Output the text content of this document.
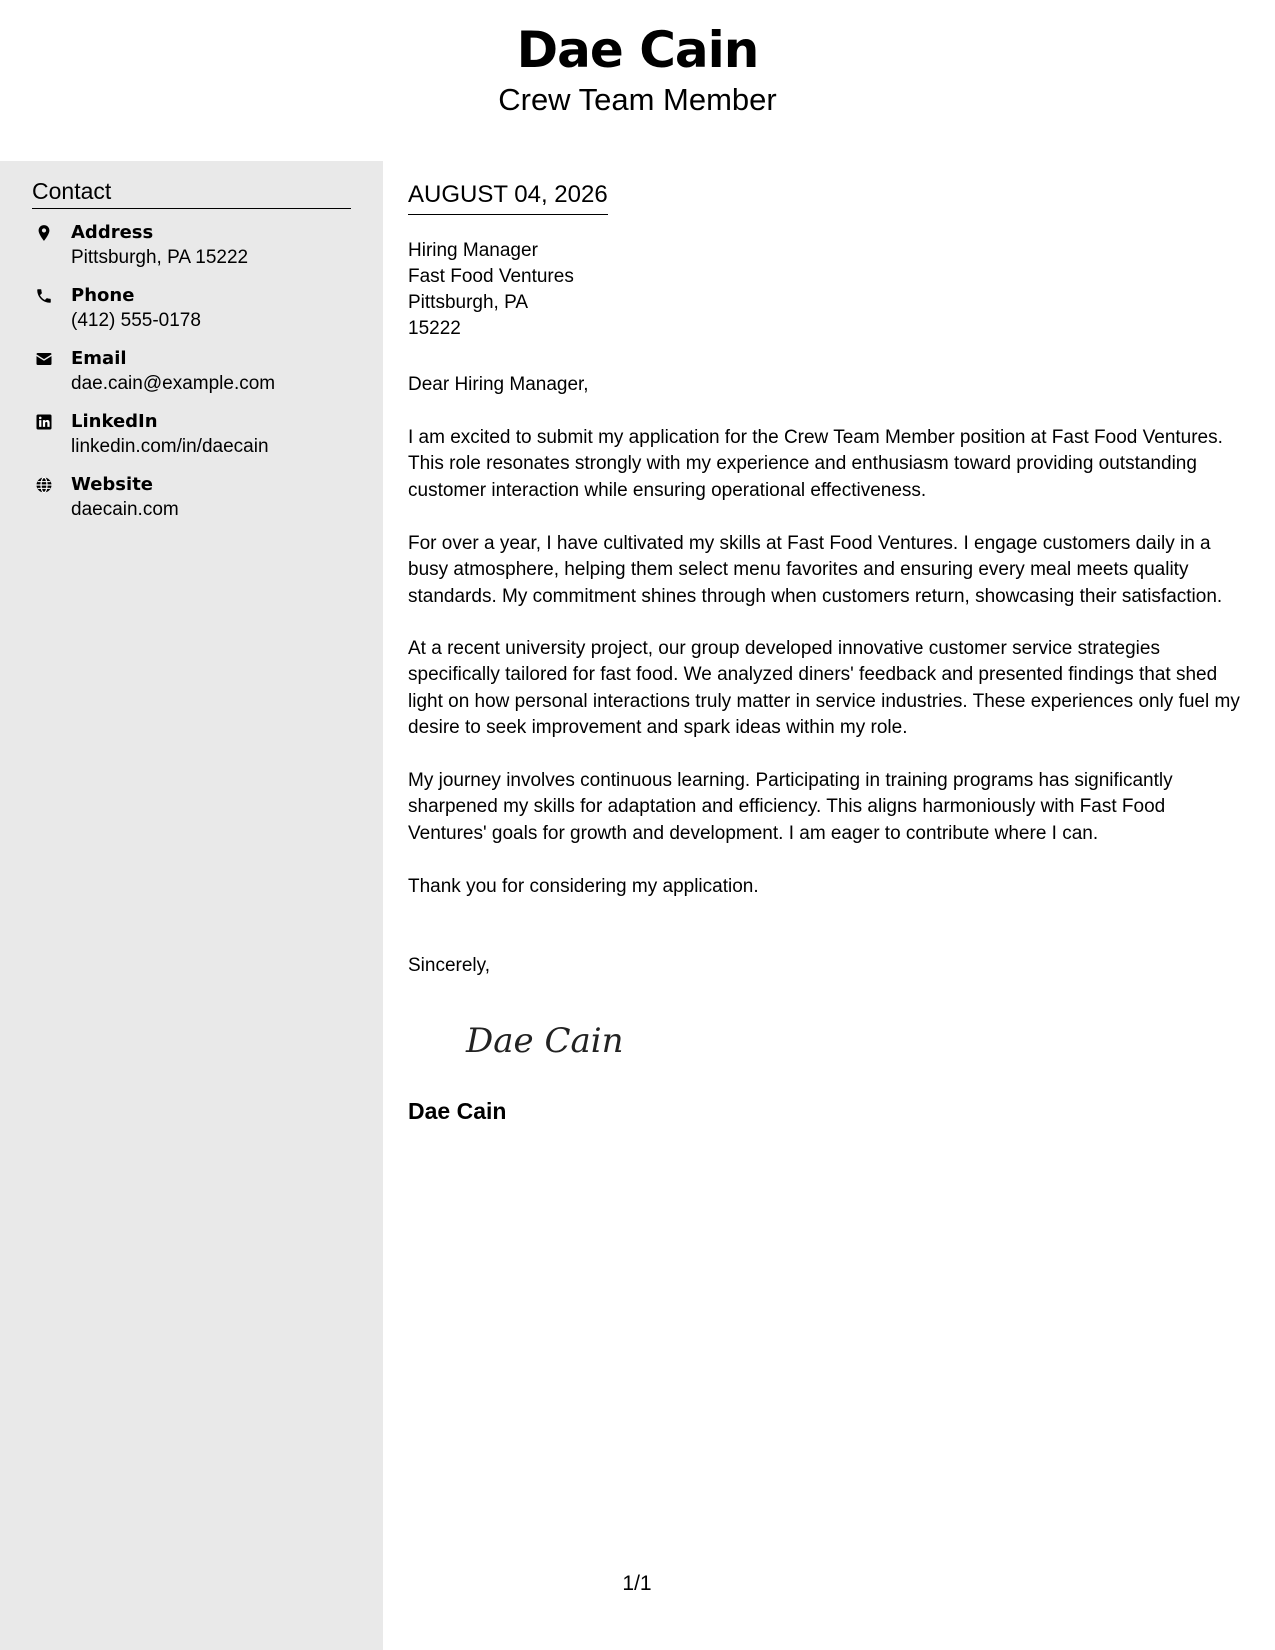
Dae Cain
Crew Team Member
Contact
Address
Pittsburgh, PA 15222
Phone
(412) 555-0178
Email
dae.cain@example.com
LinkedIn
linkedin.com/in/daecain
Website
daecain.com
AUGUST 04, 2026
Hiring Manager
Fast Food Ventures
Pittsburgh, PA
15222
Dear Hiring Manager,
I am excited to submit my application for the Crew Team Member position at Fast Food Ventures. This role resonates strongly with my experience and enthusiasm toward providing outstanding customer interaction while ensuring operational effectiveness.
For over a year, I have cultivated my skills at Fast Food Ventures. I engage customers daily in a busy atmosphere, helping them select menu favorites and ensuring every meal meets quality standards. My commitment shines through when customers return, showcasing their satisfaction.
At a recent university project, our group developed innovative customer service strategies specifically tailored for fast food. We analyzed diners' feedback and presented findings that shed light on how personal interactions truly matter in service industries. These experiences only fuel my desire to seek improvement and spark ideas within my role.
My journey involves continuous learning. Participating in training programs has significantly sharpened my skills for adaptation and efficiency. This aligns harmoniously with Fast Food Ventures' goals for growth and development. I am eager to contribute where I can.
Thank you for considering my application.
Sincerely,
Dae Cain
Dae Cain
1/1
